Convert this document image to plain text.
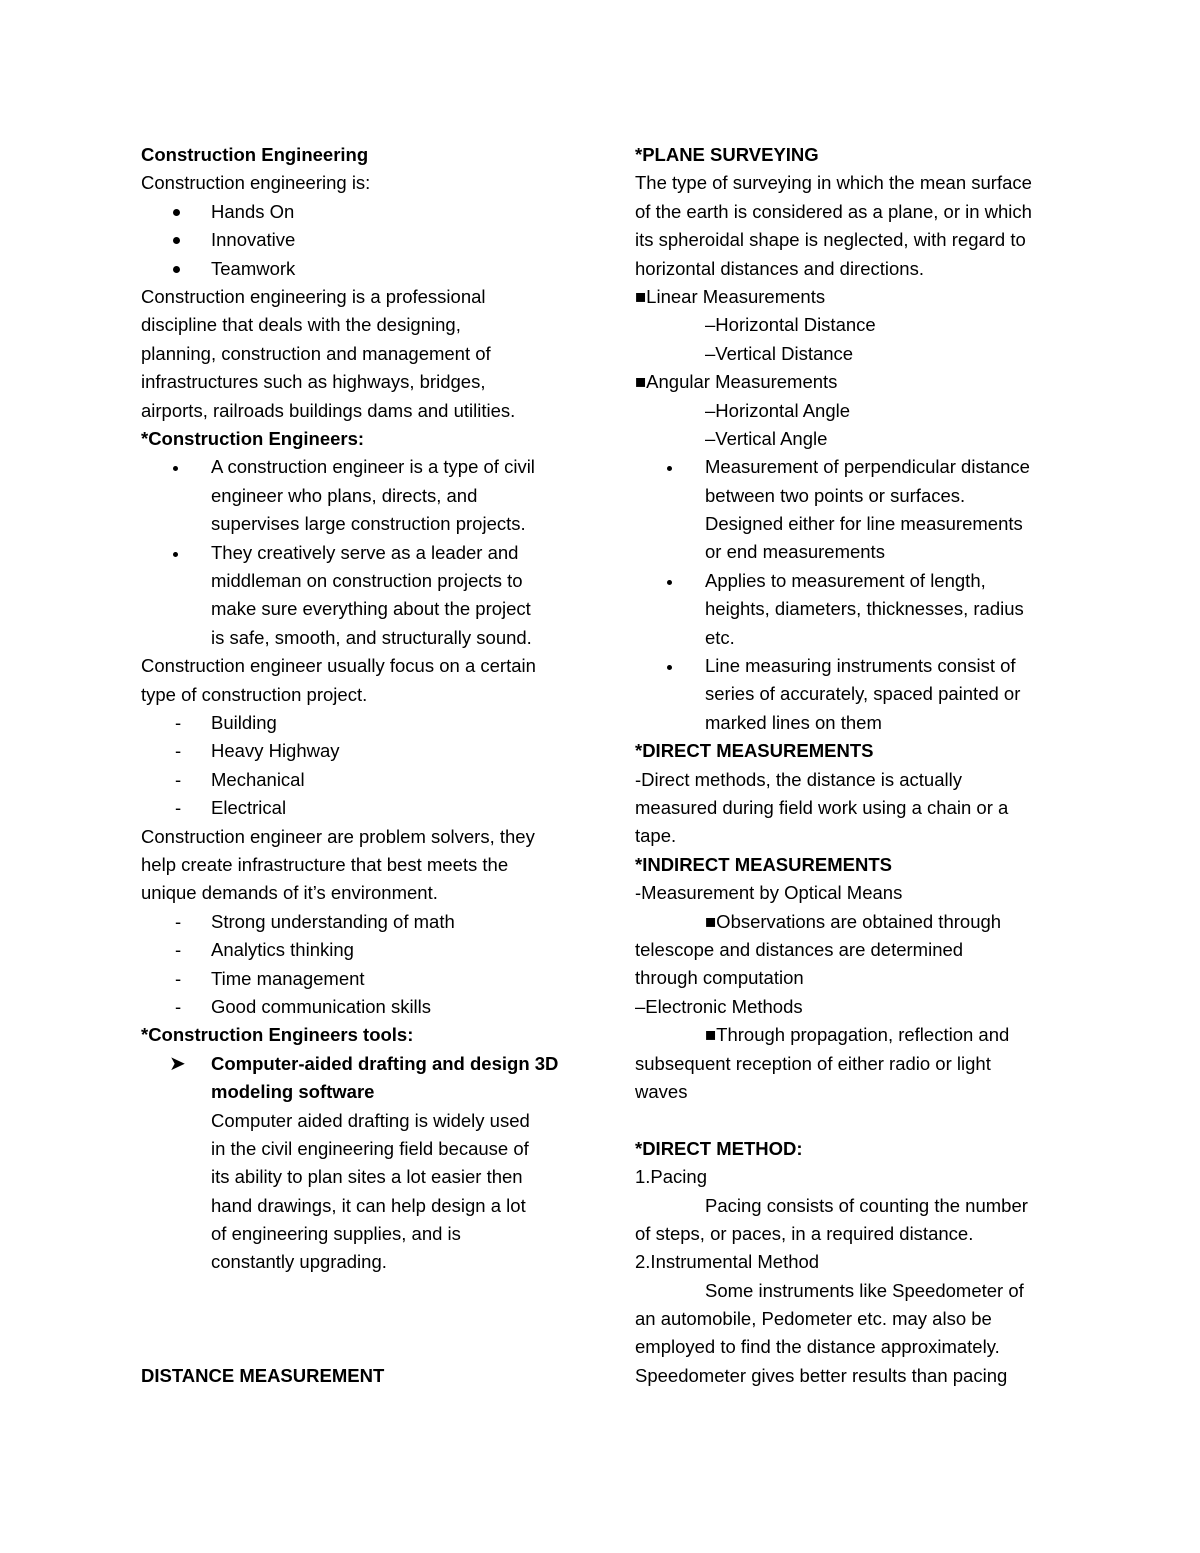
Construction Engineering
Construction engineering is:
Hands On
Innovative
Teamwork
Construction engineering is a professional
discipline that deals with the designing,
planning, construction and management of
infrastructures such as highways, bridges,
airports, railroads buildings dams and utilities.
*Construction Engineers:
A construction engineer is a type of civil
engineer who plans, directs, and
supervises large construction projects.
They creatively serve as a leader and
middleman on construction projects to
make sure everything about the project
is safe, smooth, and structurally sound.
Construction engineer usually focus on a certain
type of construction project.
- Building
- Heavy Highway
- Mechanical
- Electrical
Construction engineer are problem solvers, they
help create infrastructure that best meets the
unique demands of it’s environment.
- Strong understanding of math
- Analytics thinking
- Time management
- Good communication skills
*Construction Engineers tools:
➤ Computer-aided drafting and design 3D
modeling software
Computer aided drafting is widely used
in the civil engineering field because of
its ability to plan sites a lot easier then
hand drawings, it can help design a lot
of engineering supplies, and is
constantly upgrading.
DISTANCE MEASUREMENT
*PLANE SURVEYING
The type of surveying in which the mean surface
of the earth is considered as a plane, or in which
its spheroidal shape is neglected, with regard to
horizontal distances and directions.
■Linear Measurements
–Horizontal Distance
–Vertical Distance
■Angular Measurements
–Horizontal Angle
–Vertical Angle
Measurement of perpendicular distance
between two points or surfaces.
Designed either for line measurements
or end measurements
Applies to measurement of length,
heights, diameters, thicknesses, radius
etc.
Line measuring instruments consist of
series of accurately, spaced painted or
marked lines on them
*DIRECT MEASUREMENTS
-Direct methods, the distance is actually
measured during field work using a chain or a
tape.
*INDIRECT MEASUREMENTS
-Measurement by Optical Means
■Observations are obtained through
telescope and distances are determined
through computation
–Electronic Methods
■Through propagation, reflection and
subsequent reception of either radio or light
waves
*DIRECT METHOD:
1.Pacing
Pacing consists of counting the number
of steps, or paces, in a required distance.
2.Instrumental Method
Some instruments like Speedometer of
an automobile, Pedometer etc. may also be
employed to find the distance approximately.
Speedometer gives better results than pacing
